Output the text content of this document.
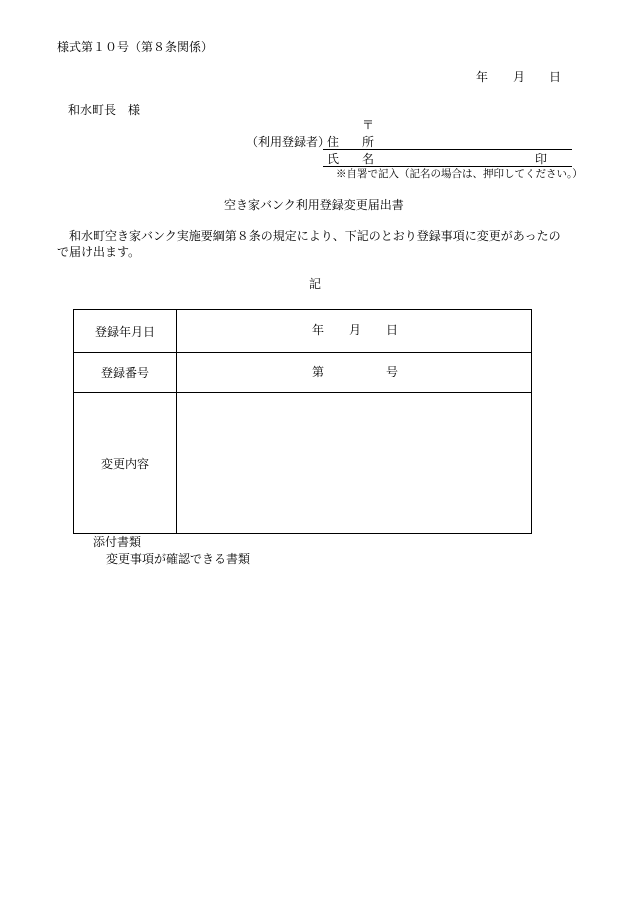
様式第１０号（第８条関係）
年 月 日
和水町長　様
〒
（利用登録者）
住 所
氏 名	印
※自署で記入（記名の場合は、押印してください。）
空き家バンク利用登録変更届出書
和水町空き家バンク実施要綱第８条の規定により、下記のとおり登録事項に変更があったの
で届け出ます。
記
登録年月日	年 月 日

登録番号	第 号

変更内容	
添付書類
変更事項が確認できる書類
